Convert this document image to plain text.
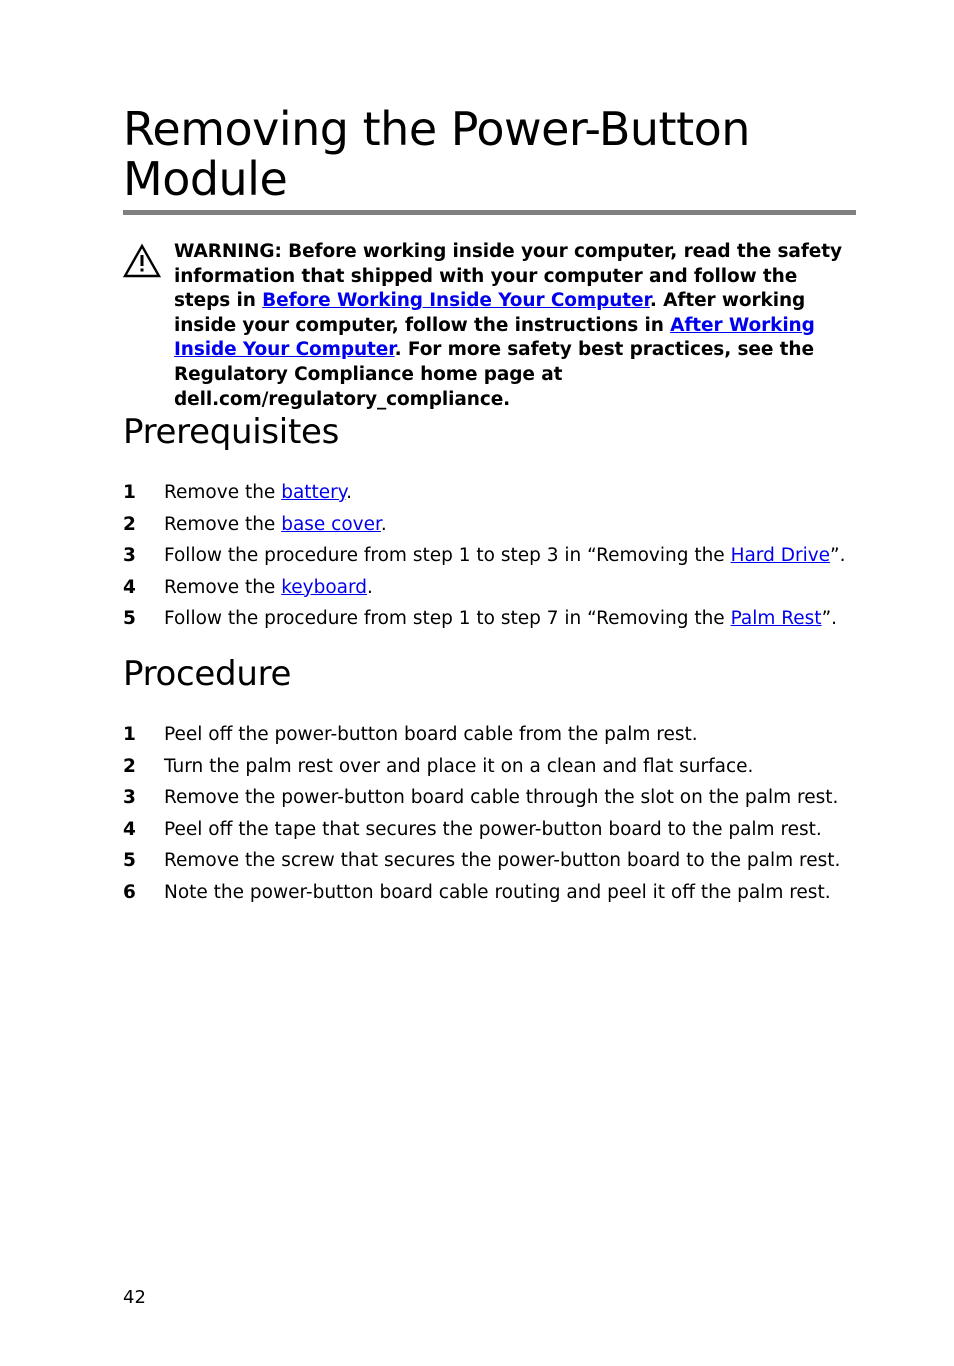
Removing the Power-Button Module
WARNING: Before working inside your computer, read the safety information that shipped with your computer and follow the steps in Before Working Inside Your Computer. After working inside your computer, follow the instructions in After Working Inside Your Computer. For more safety best practices, see the Regulatory Compliance home page at dell.com/regulatory_compliance.
Prerequisites
1 Remove the battery.
2 Remove the base cover.
3 Follow the procedure from step 1 to step 3 in “Removing the Hard Drive”.
4 Remove the keyboard.
5 Follow the procedure from step 1 to step 7 in “Removing the Palm Rest”.
Procedure
1 Peel off the power-button board cable from the palm rest.
2 Turn the palm rest over and place it on a clean and flat surface.
3 Remove the power-button board cable through the slot on the palm rest.
4 Peel off the tape that secures the power-button board to the palm rest.
5 Remove the screw that secures the power-button board to the palm rest.
6 Note the power-button board cable routing and peel it off the palm rest.
42
